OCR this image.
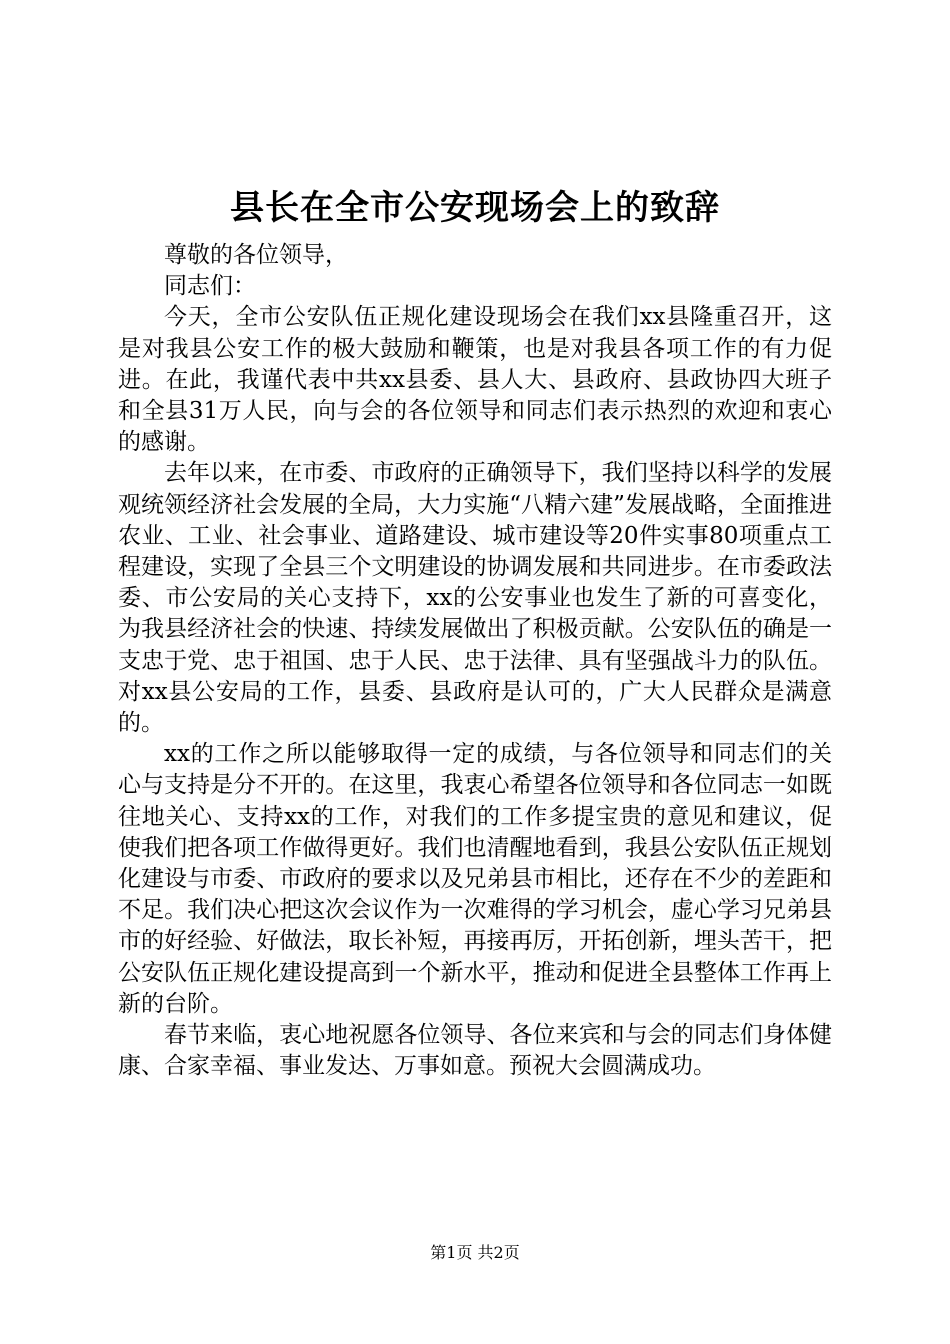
县长在全市公安现场会上的致辞

尊敬的各位领导，

同志们：

今天，全市公安队伍正规化建设现场会在我们xx县隆重召开，这是对我县公安工作的极大鼓励和鞭策，也是对我县各项工作的有力促进。在此，我谨代表中共xx县委、县人大、县政府、县政协四大班子和全县31万人民，向与会的各位领导和同志们表示热烈的欢迎和衷心的感谢。

去年以来，在市委、市政府的正确领导下，我们坚持以科学的发展观统领经济社会发展的全局，大力实施“八精六建”发展战略，全面推进农业、工业、社会事业、道路建设、城市建设等20件实事80项重点工程建设，实现了全县三个文明建设的协调发展和共同进步。在市委政法委、市公安局的关心支持下，xx的公安事业也发生了新的可喜变化，为我县经济社会的快速、持续发展做出了积极贡献。公安队伍的确是一支忠于党、忠于祖国、忠于人民、忠于法律、具有坚强战斗力的队伍。对xx县公安局的工作，县委、县政府是认可的，广大人民群众是满意的。

xx的工作之所以能够取得一定的成绩，与各位领导和同志们的关心与支持是分不开的。在这里，我衷心希望各位领导和各位同志一如既往地关心、支持xx的工作，对我们的工作多提宝贵的意见和建议，促使我们把各项工作做得更好。我们也清醒地看到，我县公安队伍正规划化建设与市委、市政府的要求以及兄弟县市相比，还存在不少的差距和不足。我们决心把这次会议作为一次难得的学习机会，虚心学习兄弟县市的好经验、好做法，取长补短，再接再厉，开拓创新，埋头苦干，把公安队伍正规化建设提高到一个新水平，推动和促进全县整体工作再上新的台阶。

春节来临，衷心地祝愿各位领导、各位来宾和与会的同志们身体健康、合家幸福、事业发达、万事如意。预祝大会圆满成功。

第1页 共2页
